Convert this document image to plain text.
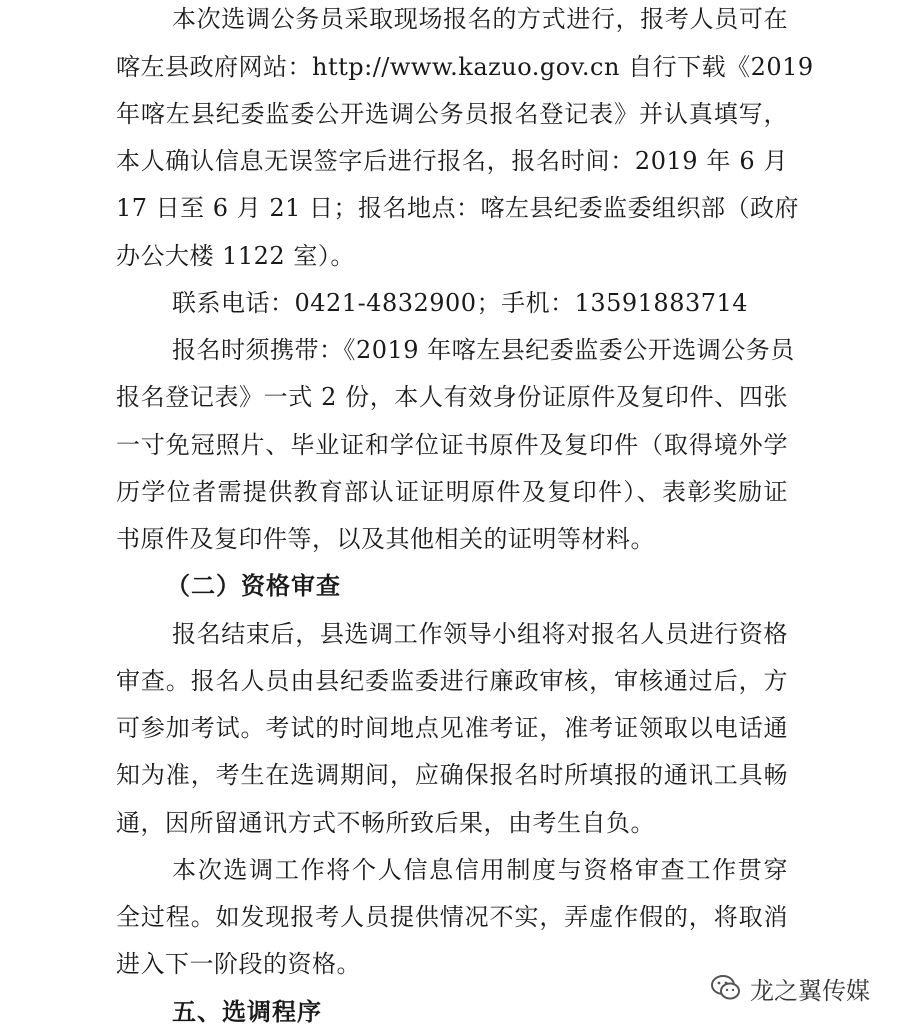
本次选调公务员采取现场报名的方式进行，报考人员可在
喀左县政府网站：http://www.kazuo.gov.cn 自行下载《2019
年喀左县纪委监委公开选调公务员报名登记表》并认真填写，
本人确认信息无误签字后进行报名，报名时间：2019 年 6 月
17 日至 6 月 21 日；报名地点：喀左县纪委监委组织部（政府
办公大楼 1122 室）。
联系电话：0421-4832900；手机：13591883714
报名时须携带：《2019 年喀左县纪委监委公开选调公务员
报名登记表》一式 2 份，本人有效身份证原件及复印件、四张
一寸免冠照片、毕业证和学位证书原件及复印件（取得境外学
历学位者需提供教育部认证证明原件及复印件）、表彰奖励证
书原件及复印件等，以及其他相关的证明等材料。
（二）资格审查
报名结束后，县选调工作领导小组将对报名人员进行资格
审查。报名人员由县纪委监委进行廉政审核，审核通过后，方
可参加考试。考试的时间地点见准考证，准考证领取以电话通
知为准，考生在选调期间，应确保报名时所填报的通讯工具畅
通，因所留通讯方式不畅所致后果，由考生自负。
本次选调工作将个人信息信用制度与资格审查工作贯穿
全过程。如发现报考人员提供情况不实，弄虚作假的，将取消
进入下一阶段的资格。
五、选调程序
龙之翼传媒
